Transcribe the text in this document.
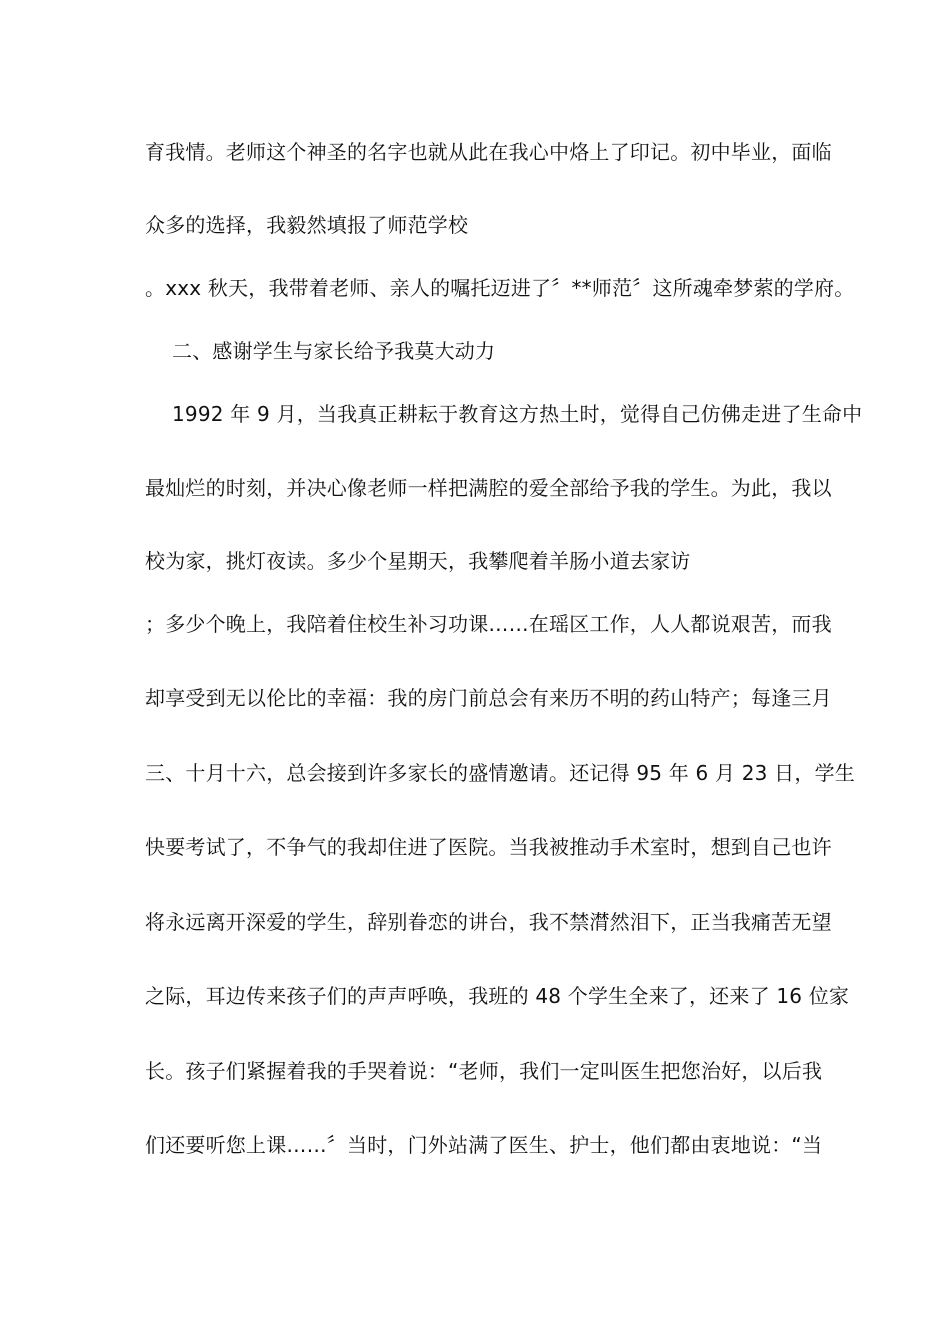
育我情。老师这个神圣的名字也就从此在我心中烙上了印记。初中毕业，面临
众多的选择，我毅然填报了师范学校
。xxx 秋天，我带着老师、亲人的嘱托迈进了〞**师范〞这所魂牵梦萦的学府。
二、感谢学生与家长给予我莫大动力
1992 年 9 月，当我真正耕耘于教育这方热土时，觉得自己仿佛走进了生命中
最灿烂的时刻，并决心像老师一样把满腔的爱全部给予我的学生。为此，我以
校为家，挑灯夜读。多少个星期天，我攀爬着羊肠小道去家访
；多少个晚上，我陪着住校生补习功课……在瑶区工作，人人都说艰苦，而我
却享受到无以伦比的幸福：我的房门前总会有来历不明的药山特产；每逢三月
三、十月十六，总会接到许多家长的盛情邀请。还记得 95 年 6 月 23 日，学生
快要考试了，不争气的我却住进了医院。当我被推动手术室时，想到自己也许
将永远离开深爱的学生，辞别眷恋的讲台，我不禁潸然泪下，正当我痛苦无望
之际，耳边传来孩子们的声声呼唤，我班的 48 个学生全来了，还来了 16 位家
长。孩子们紧握着我的手哭着说：“老师，我们一定叫医生把您治好，以后我
们还要听您上课……〞当时，门外站满了医生、护士，他们都由衷地说：“当
